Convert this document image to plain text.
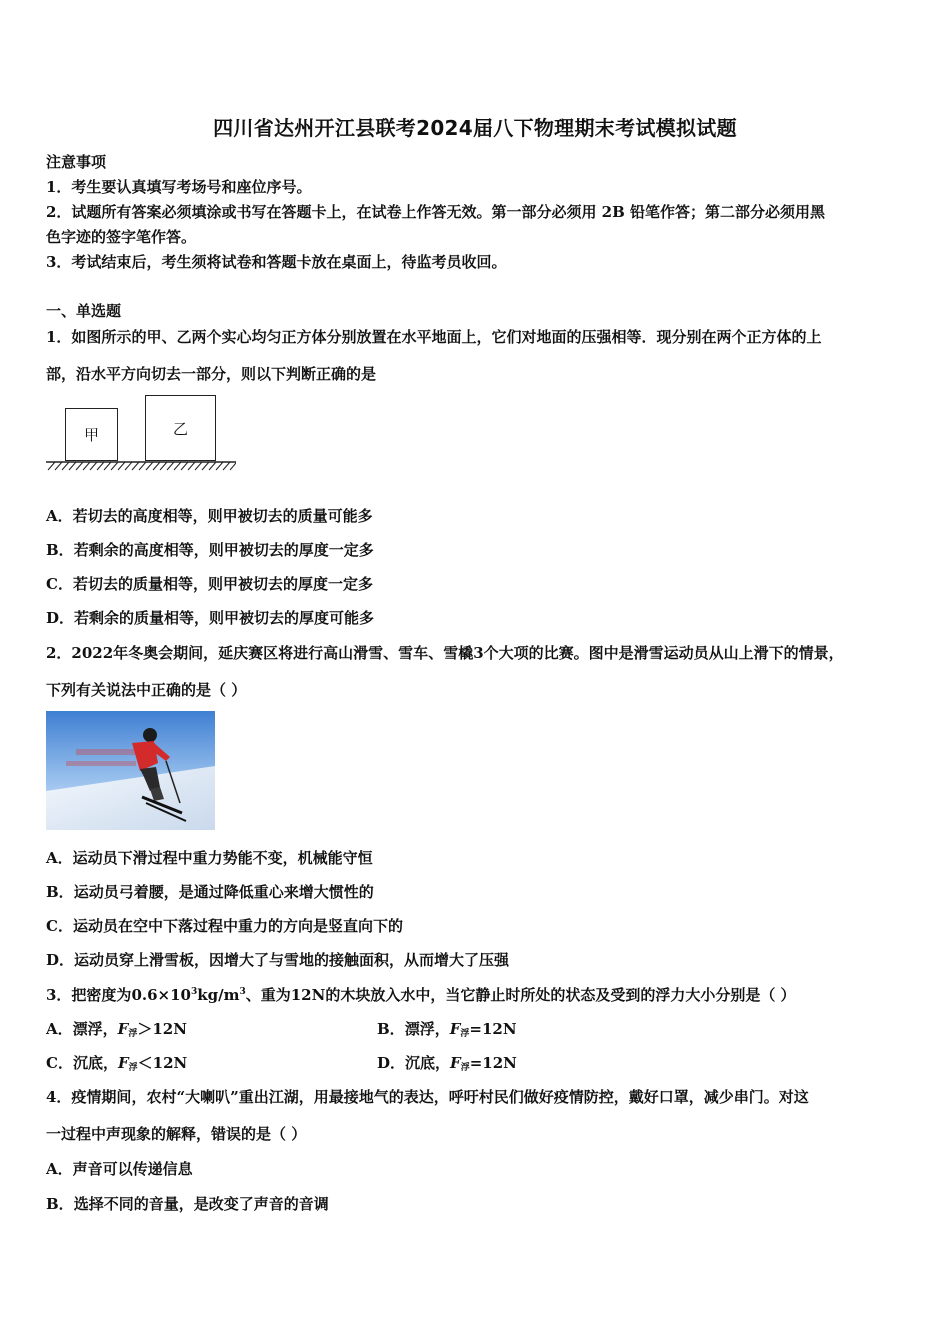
四川省达州开江县联考2024届八下物理期末考试模拟试题
注意事项
1．考生要认真填写考场号和座位序号。
2．试题所有答案必须填涂或书写在答题卡上，在试卷上作答无效。第一部分必须用 2B 铅笔作答；第二部分必须用黑
色字迹的签字笔作答。
3．考试结束后，考生须将试卷和答题卡放在桌面上，待监考员收回。
一、单选题
1．如图所示的甲、乙两个实心均匀正方体分别放置在水平地面上，它们对地面的压强相等．现分别在两个正方体的上
部，沿水平方向切去一部分，则以下判断正确的是
甲	乙
A．若切去的高度相等，则甲被切去的质量可能多
B．若剩余的高度相等，则甲被切去的厚度一定多
C．若切去的质量相等，则甲被切去的厚度一定多
D．若剩余的质量相等，则甲被切去的厚度可能多
2．2022年冬奥会期间，延庆赛区将进行高山滑雪、雪车、雪橇3个大项的比赛。图中是滑雪运动员从山上滑下的情景，
下列有关说法中正确的是（ ）
A．运动员下滑过程中重力势能不变，机械能守恒
B．运动员弓着腰，是通过降低重心来增大惯性的
C．运动员在空中下落过程中重力的方向是竖直向下的
D．运动员穿上滑雪板，因增大了与雪地的接触面积，从而增大了压强
3．把密度为$0.6\times 10^3kg/m^3$、重为12N的木块放入水中，当它静止时所处的状态及受到的浮力大小分别是（ ）
A．漂浮，$F_浮>12N$	B．漂浮，$F_浮=12N$
C．沉底，$F_浮<12N$	D．沉底，$F_浮=12N$
4．疫情期间，农村“大喇叭”重出江湖，用最接地气的表达，呼吁村民们做好疫情防控，戴好口罩，减少串门。对这
一过程中声现象的解释，错误的是（ ）
A．声音可以传递信息
B．选择不同的音量，是改变了声音的音调
